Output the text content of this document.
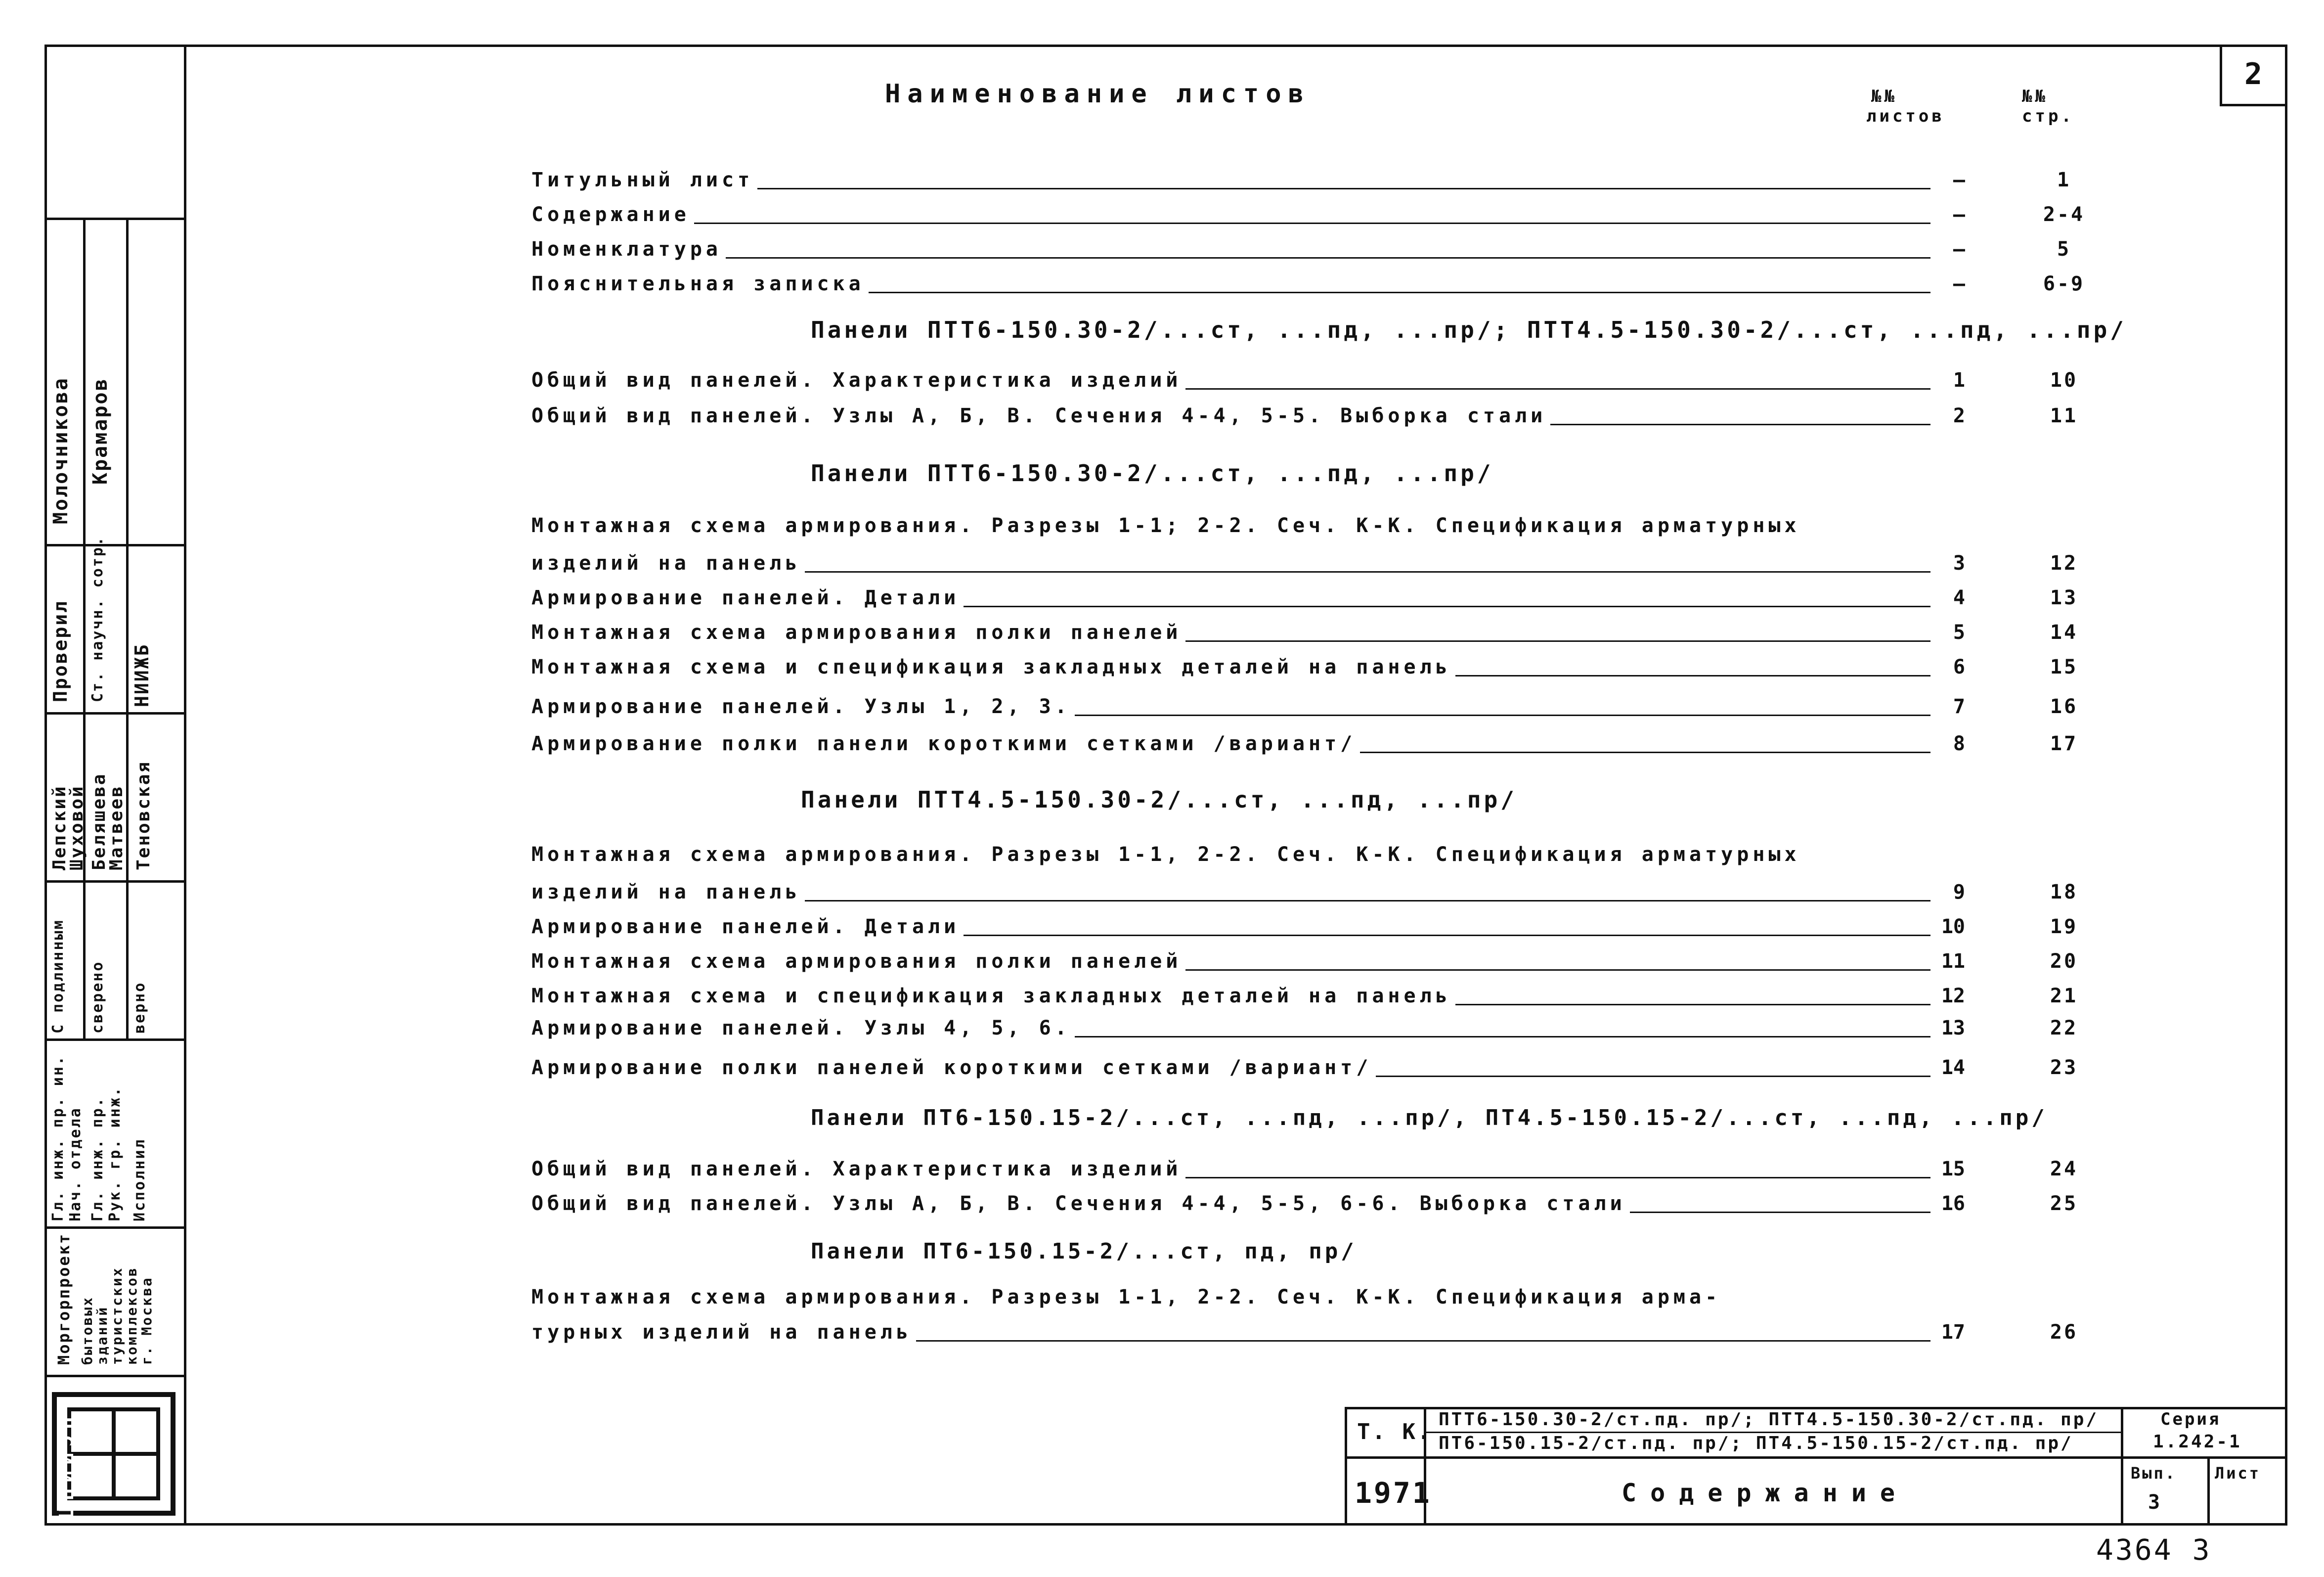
2
Молочникова Крамаров
Проверил Ст. научн. сотр. НИИЖБ
Лепский
Шуховой Беляшева
Матвеев Теновская
С подлинным сверено верно
Гл. инж. пр. ин. Нач. отдела Гл. инж. пр. Рук. гр. инж. Исполнил
Моргорпроект бытовых
зданий
туристских
комплексов
г. Москва
ЦНИИЭП
Наименование листов	№№
листов
№№
стр.
Титульный лист	–	1
Содержание	–	2-4
Номенклатура	–	5
Пояснительная записка	–	6-9
Панели ПТТ6-150.30-2/...ст, ...пд, ...пр/; ПТТ4.5-150.30-2/...ст, ...пд, ...пр/
Общий вид панелей. Характеристика изделий	1	10
Общий вид панелей. Узлы А, Б, В. Сечения 4-4, 5-5. Выборка стали	2	11
Панели ПТТ6-150.30-2/...ст, ...пд, ...пр/
Монтажная схема армирования. Разрезы 1-1; 2-2. Сеч. К-К. Спецификация арматурных
изделий на панель	3	12
Армирование панелей. Детали	4	13
Монтажная схема армирования полки панелей	5	14
Монтажная схема и спецификация закладных деталей на панель	6	15
Армирование панелей. Узлы 1, 2, 3.	7	16
Армирование полки панели короткими сетками /вариант/	8	17
Панели ПТТ4.5-150.30-2/...ст, ...пд, ...пр/
Монтажная схема армирования. Разрезы 1-1, 2-2. Сеч. К-К. Спецификация арматурных
изделий на панель	9	18
Армирование панелей. Детали	10	19
Монтажная схема армирования полки панелей	11	20
Монтажная схема и спецификация закладных деталей на панель	12	21
Армирование панелей. Узлы 4, 5, 6.	13	22
Армирование полки панелей короткими сетками /вариант/	14	23
Панели ПТ6-150.15-2/...ст, ...пд, ...пр/, ПТ4.5-150.15-2/...ст, ...пд, ...пр/
Общий вид панелей. Характеристика изделий	15	24
Общий вид панелей. Узлы А, Б, В. Сечения 4-4, 5-5, 6-6. Выборка стали	16	25
Панели ПТ6-150.15-2/...ст, пд, пр/
Монтажная схема армирования. Разрезы 1-1, 2-2. Сеч. К-К. Спецификация арма-
турных изделий на панель	17	26
Т. К.
1971
ПТТ6-150.30-2/ст.пд. пр/; ПТТ4.5-150.30-2/ст.пд. пр/
ПТ6-150.15-2/ст.пд. пр/; ПТ4.5-150.15-2/ст.пд. пр/
Содержание
Серия
1.242-1
Вып.
3
Лист
4364 3
